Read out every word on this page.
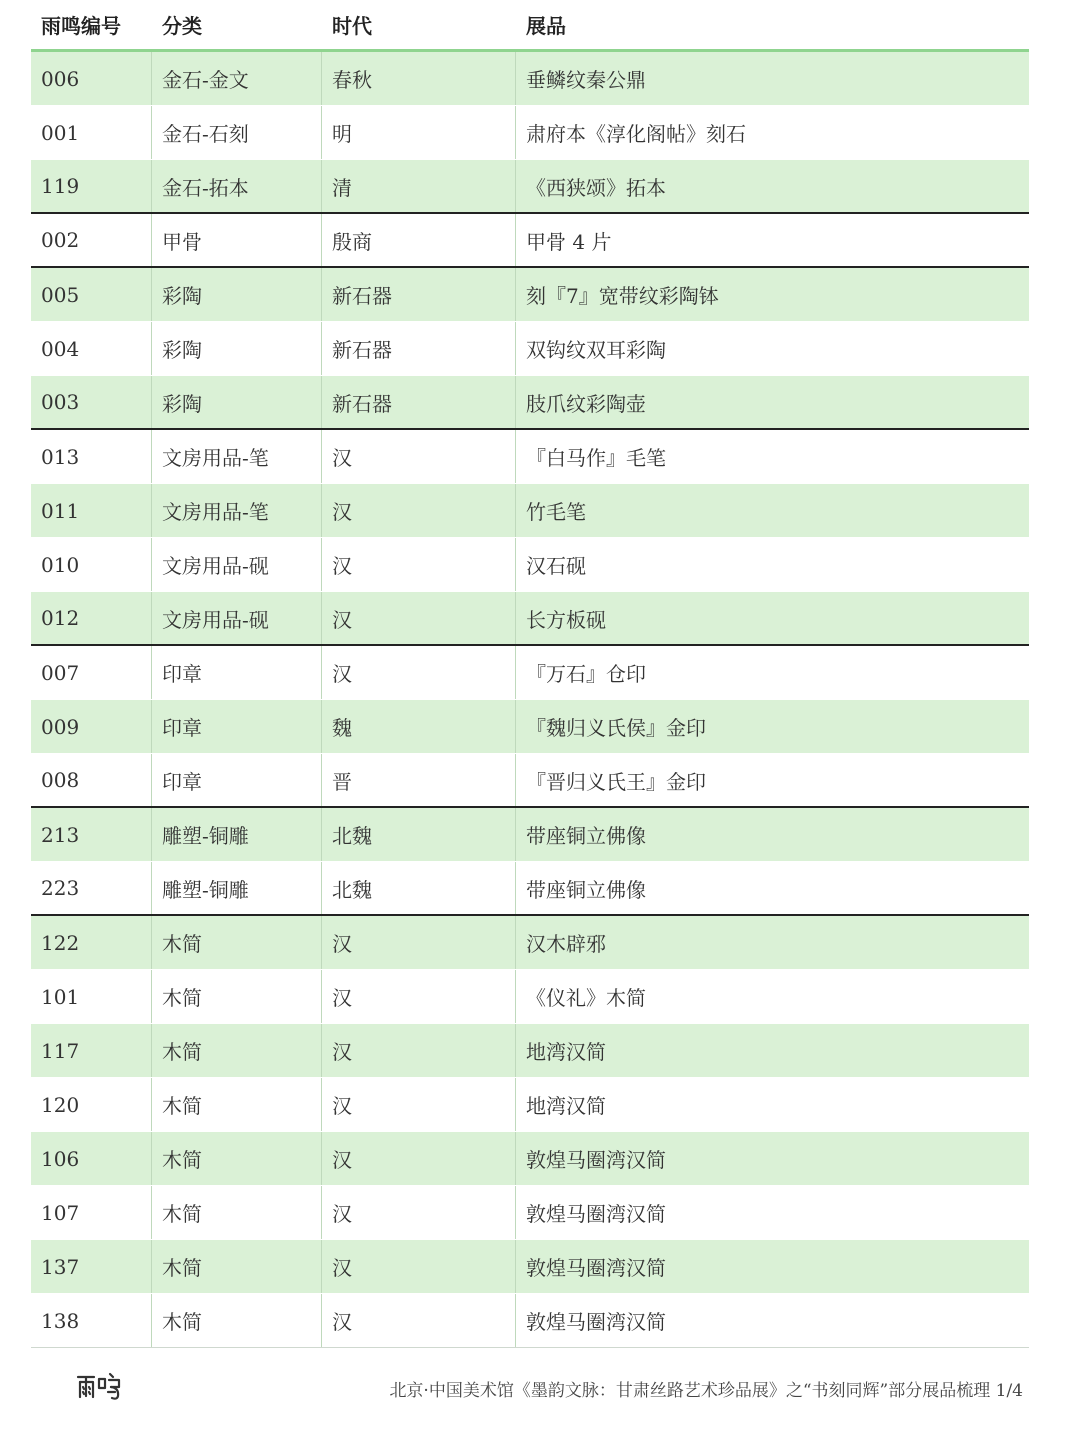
雨鸣编号	分类	时代	展品
006	金石-金文	春秋	垂鳞纹秦公鼎
001	金石-石刻	明	肃府本《淳化阁帖》刻石
119	金石-拓本	清	《西狭颂》拓本
002	甲骨	殷商	甲骨 4 片
005	彩陶	新石器	刻『7』宽带纹彩陶钵
004	彩陶	新石器	双钩纹双耳彩陶
003	彩陶	新石器	肢爪纹彩陶壶
013	文房用品-笔	汉	『白马作』毛笔
011	文房用品-笔	汉	竹毛笔
010	文房用品-砚	汉	汉石砚
012	文房用品-砚	汉	长方板砚
007	印章	汉	『万石』仓印
009	印章	魏	『魏归义氏侯』金印
008	印章	晋	『晋归义氏王』金印
213	雕塑-铜雕	北魏	带座铜立佛像
223	雕塑-铜雕	北魏	带座铜立佛像
122	木简	汉	汉木辟邪
101	木简	汉	《仪礼》木简
117	木简	汉	地湾汉简
120	木简	汉	地湾汉简
106	木简	汉	敦煌马圈湾汉简
107	木简	汉	敦煌马圈湾汉简
137	木简	汉	敦煌马圈湾汉简
138	木简	汉	敦煌马圈湾汉简
北京·中国美术馆《墨韵文脉：甘肃丝路艺术珍品展》之“书刻同辉”部分展品梳理 1/4
